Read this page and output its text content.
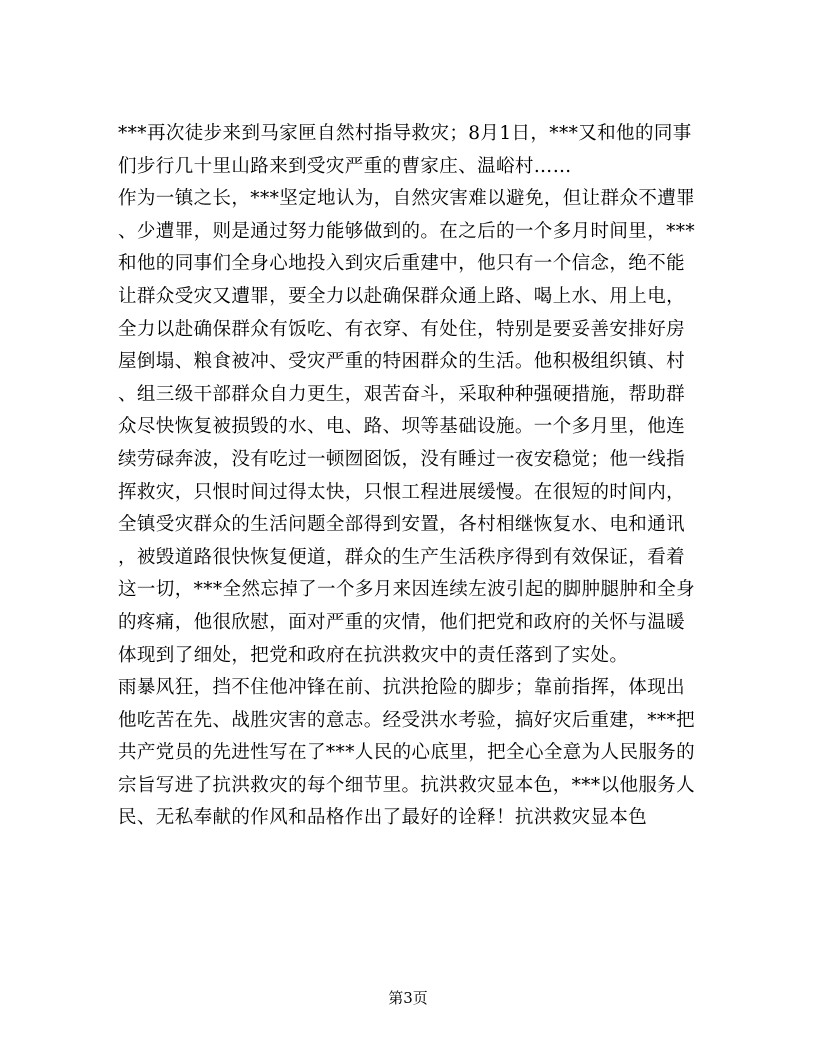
***再次徒步来到马家匣自然村指导救灾；8月1日，***又和他的同事
们步行几十里山路来到受灾严重的曹家庄、温峪村……
作为一镇之长，***坚定地认为，自然灾害难以避免，但让群众不遭罪
、少遭罪，则是通过努力能够做到的。在之后的一个多月时间里，***
和他的同事们全身心地投入到灾后重建中，他只有一个信念，绝不能
让群众受灾又遭罪，要全力以赴确保群众通上路、喝上水、用上电，
全力以赴确保群众有饭吃、有衣穿、有处住，特别是要妥善安排好房
屋倒塌、粮食被冲、受灾严重的特困群众的生活。他积极组织镇、村
、组三级干部群众自力更生，艰苦奋斗，采取种种强硬措施，帮助群
众尽快恢复被损毁的水、电、路、坝等基础设施。一个多月里，他连
续劳碌奔波，没有吃过一顿囫囵饭，没有睡过一夜安稳觉；他一线指
挥救灾，只恨时间过得太快，只恨工程进展缓慢。在很短的时间内，
全镇受灾群众的生活问题全部得到安置，各村相继恢复水、电和通讯
，被毁道路很快恢复便道，群众的生产生活秩序得到有效保证，看着
这一切，***全然忘掉了一个多月来因连续左波引起的脚肿腿肿和全身
的疼痛，他很欣慰，面对严重的灾情，他们把党和政府的关怀与温暖
体现到了细处，把党和政府在抗洪救灾中的责任落到了实处。
雨暴风狂，挡不住他冲锋在前、抗洪抢险的脚步；靠前指挥，体现出
他吃苦在先、战胜灾害的意志。经受洪水考验，搞好灾后重建，***把
共产党员的先进性写在了***人民的心底里，把全心全意为人民服务的
宗旨写进了抗洪救灾的每个细节里。抗洪救灾显本色，***以他服务人
民、无私奉献的作风和品格作出了最好的诠释！抗洪救灾显本色
第3页
